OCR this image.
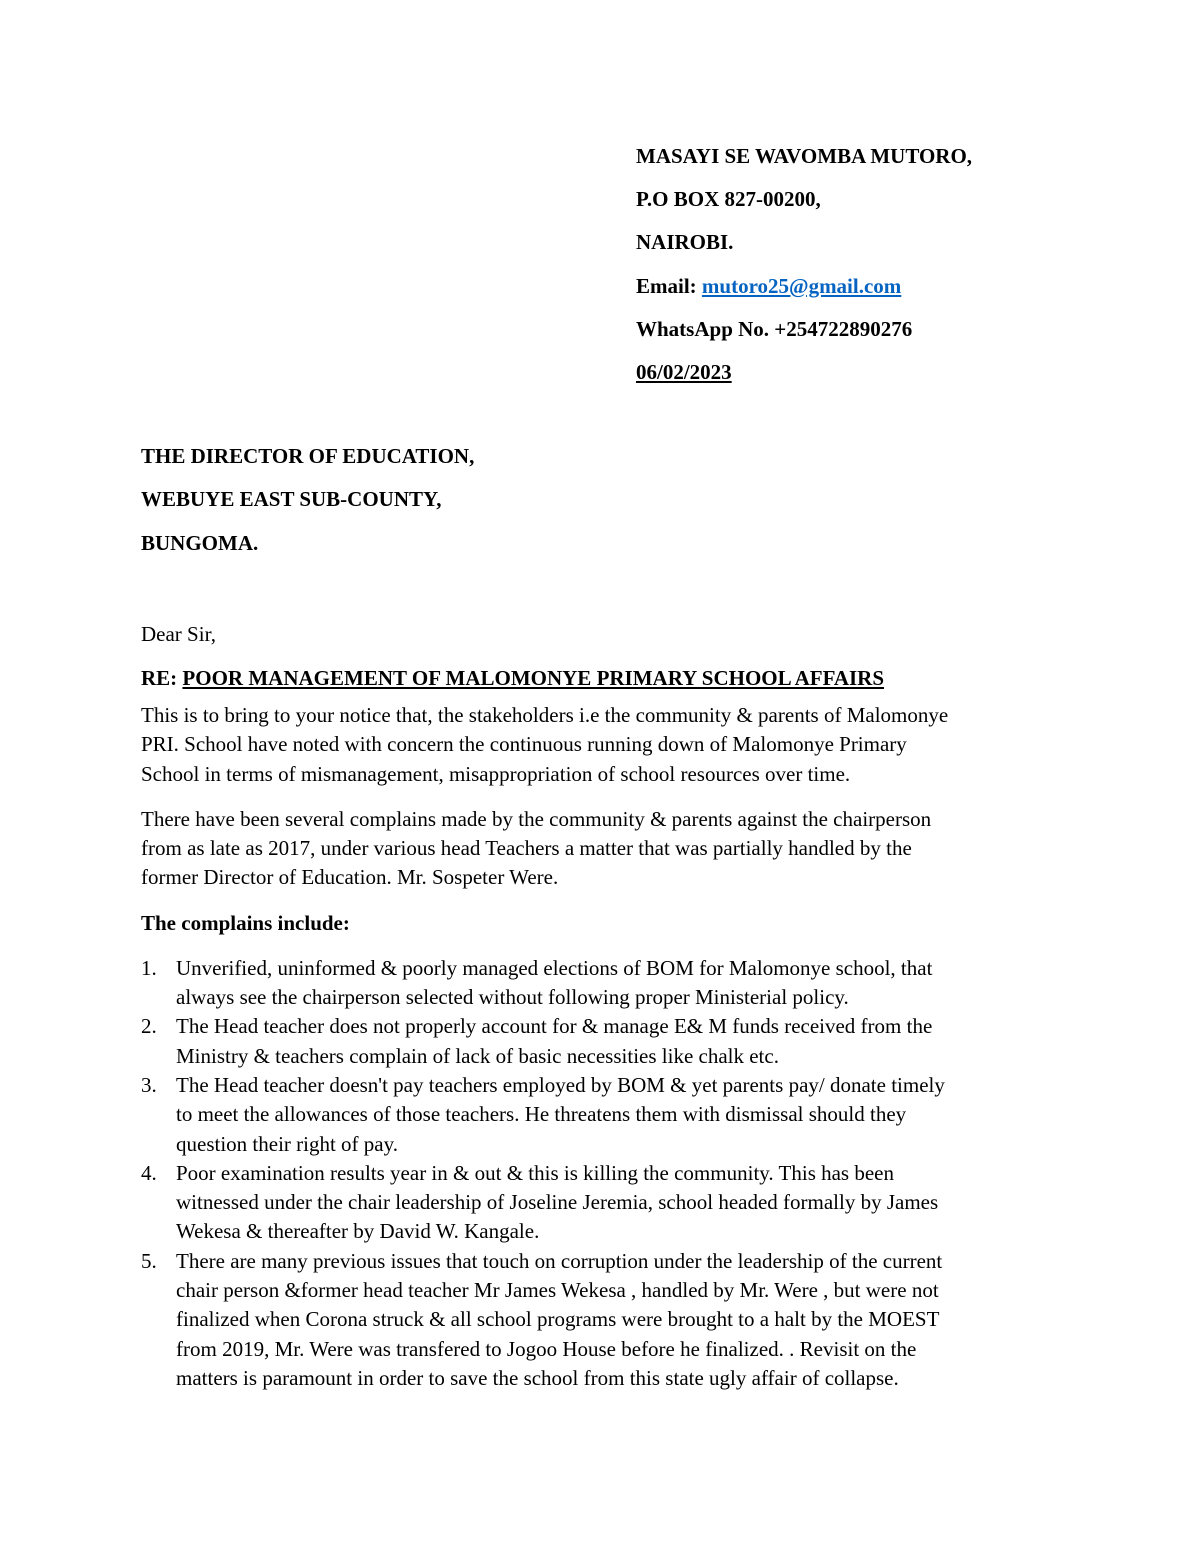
MASAYI SE WAVOMBA MUTORO,
P.O BOX 827-00200,
NAIROBI.
Email: mutoro25@gmail.com
WhatsApp No. +254722890276
06/02/2023
THE DIRECTOR OF EDUCATION,
WEBUYE EAST SUB-COUNTY,
BUNGOMA.
Dear Sir,
RE: POOR MANAGEMENT OF MALOMONYE PRIMARY SCHOOL AFFAIRS
This is to bring to your notice that, the stakeholders i.e the community & parents of Malomonye
PRI. School have noted with concern the continuous running down of Malomonye Primary
School in terms of mismanagement, misappropriation of school resources over time.
There have been several complains made by the community & parents against the chairperson
from as late as 2017, under various head Teachers a matter that was partially handled by the
former Director of Education. Mr. Sospeter Were.
The complains include:
1. Unverified, uninformed & poorly managed elections of BOM for Malomonye school, that
always see the chairperson selected without following proper Ministerial policy.
2. The Head teacher does not properly account for & manage E& M funds received from the
Ministry & teachers complain of lack of basic necessities like chalk etc.
3. The Head teacher doesn't pay teachers employed by BOM & yet parents pay/ donate timely
to meet the allowances of those teachers. He threatens them with dismissal should they
question their right of pay.
4. Poor examination results year in & out & this is killing the community. This has been
witnessed under the chair leadership of Joseline Jeremia, school headed formally by James
Wekesa & thereafter by David W. Kangale.
5. There are many previous issues that touch on corruption under the leadership of the current
chair person &former head teacher Mr James Wekesa , handled by Mr. Were , but were not
finalized when Corona struck & all school programs were brought to a halt by the MOEST
from 2019, Mr. Were was transfered to Jogoo House before he finalized. . Revisit on the
matters is paramount in order to save the school from this state ugly affair of collapse.
